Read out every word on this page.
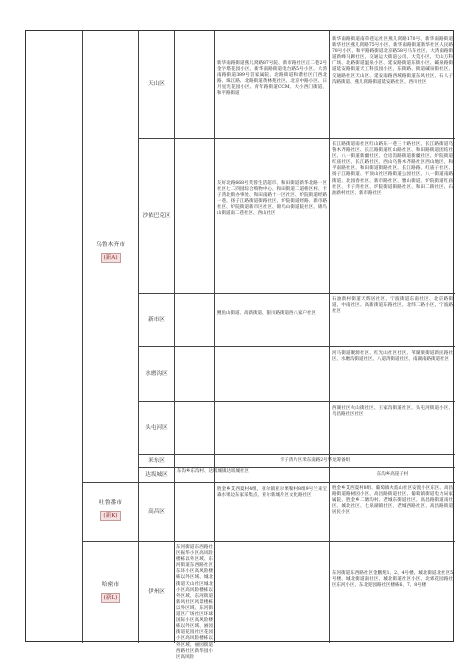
乌鲁木齐市
(新A)
吐鲁番市
(新K)
哈密市
(新L)
天山区
沙依巴克区
新市区
水磨沟区
头屯河区
米东区
达坂城区
高昌区
伊州区
东河街道东西路社区振华小区高风险楼栋以外区域、东河街道东西路社区东环小区高风险楼栋以外区域、城北街道天山社区城北小区高风险楼栋以外区域、东河街道新风社区风景楼栋以外区域、东河街道区广场社区环球国际小区高风险楼栋以外区域、丽园街道花园社区花园小区高风险楼栋以外区域、丽园街道西路社区新华园小区高风险
新华南路街道燕儿窝路87号院、新市路社区正二巷2号金字塔花园小区、新华南路街道电台路5号小区、大湾南路街道389号首家属院、北路街道和谐社区门西北路、珠江路、北路街道黄林苑社区、北京中路小区、日月星光花园小区、青年路街道CCM、大小西门街道、和平路街道
友好北路668号芙蓉生活超市、和田街道新华北路一区社区七二四园综合购物中心、和田街道二道桥区村、卡子湾北街办事处、和田南路十一区社区、炉院街道经路一巷、扬子江路街道街路社区、炉院街道经路、新市路社区、炉院街道新市区社区、锦鸟山街道院社区、锦鸟山街道南二巷社区、西山社区
鲤鱼山街道、高新街道、银川路街道西八家户社区
卡子湾片区米东南路2号华龙筹备组
东沟乡东沟村、达坂城镇达坂城社区
胜金乡艾西夏村4组、亚尔镇亚尔果勒村8组9号兰来宝森水果边东家采集点、亚尔新城片区文化路社区
新华南路街道南草巷运社区燕儿窝路170号、新华南路街道新华社区燕儿窝路75号小区、新华南路街道新华社区人民路78号小区、和平路路街道北京路58号马车社区、大湾南路街道新峰马蹄社区、交通运大街道公司、大荒小区、天山万科广场、北路街道温泉小区、延安路街道东街小区、碱泉路街道延安路街道天工科技园小区、东街路、街道碱泉街社区、交通路社区天山区、延安南路西域路街道东风社区、石人子沟路街道、燕儿窝路街道延安路社区、西川社区
长江路街道南社区红山路东一巷三十路社区、长江路街道乌鲁木齐路社区、长江路街道红山路社区、和田路街道团结社区、八一街道新疆社区、仓房沟路街道新疆社区、炉院街道红庙社区、长江路社区、西山乌鲁木齐路社区西山地区、和平南路社区、和田街道街路社区、长江路路、红庙子社区、扬子江路街道、平顶山社区路街道公园社区、八一街道南路街道、北园春社区、新市路社区、雅山街道、炉院街道红庙社区、卡子湾社区、炉院街道街路社区、和田二街社区、石油新村社区、新市路社区
石油新村街道天辉居社区、宁波街道东南社区、北京路街道、中南社区、高新街道东路社区、北纬二路小区、宁波路社区
河马街道聚源社区、红光山社区社区、苇湖梁街道新民路社区、水磨沟街道社区、八道湾街道社区、南湖南路街道社区
西湖社区火山街社区、王家沟街道社区、头屯河街道小区、乌昌路社区社区
东沟乡高崖子村
胜金乡艾西夏村8组、葡萄镇火焰山社区安置小区东区、高昌路街道路树园小区、高昌路街道社区、葡萄镇街道电力局家属院、胜金乡二塘沟村、老城东街道社区、高昌路街道南社区、城北社区、七泉湖镇社区、老城西路社区、高昌路街道居民小区
东河街道东西路社区金鹏苑1、2、4号楼、城北街道北社区5号楼、城北街道南社区、城北街道社区小区、北郊花园路社区东河小区、东北迎园路社区楼栋6、7、8号楼
